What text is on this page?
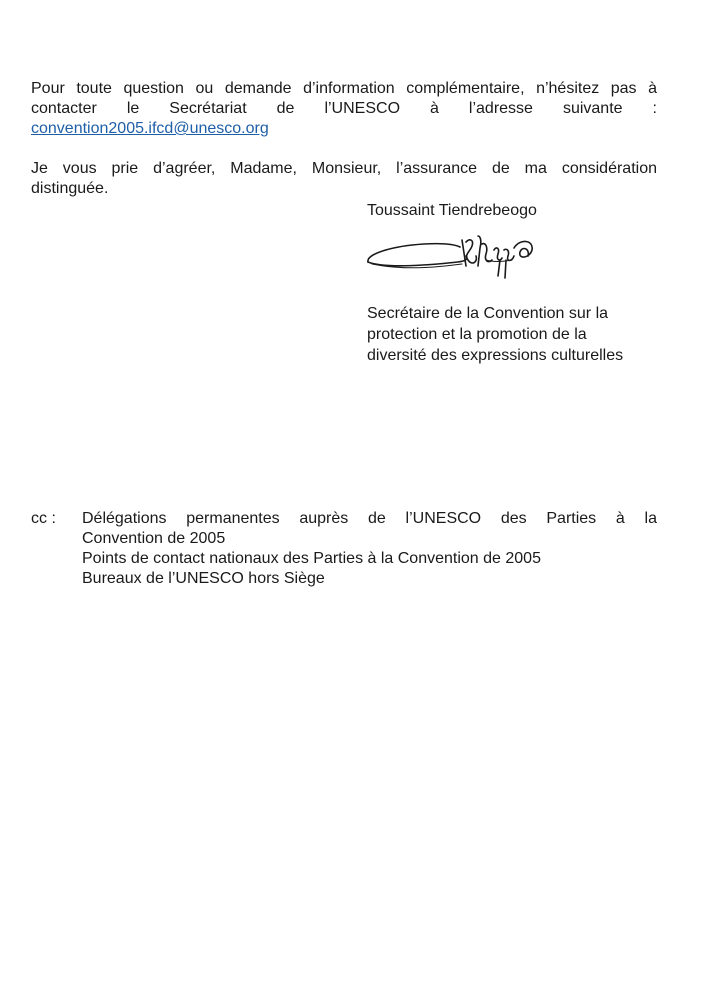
Pour toute question ou demande d’information complémentaire, n’hésitez pas à
contacter le Secrétariat de l’UNESCO à l’adresse suivante :
convention2005.ifcd@unesco.org
Je vous prie d’agréer, Madame, Monsieur, l’assurance de ma considération
distinguée.
Toussaint Tiendrebeogo
Secrétaire de la Convention sur la
protection et la promotion de la
diversité des expressions culturelles
cc : Délégations permanentes auprès de l’UNESCO des Parties à la
Convention de 2005
Points de contact nationaux des Parties à la Convention de 2005
Bureaux de l’UNESCO hors Siège
